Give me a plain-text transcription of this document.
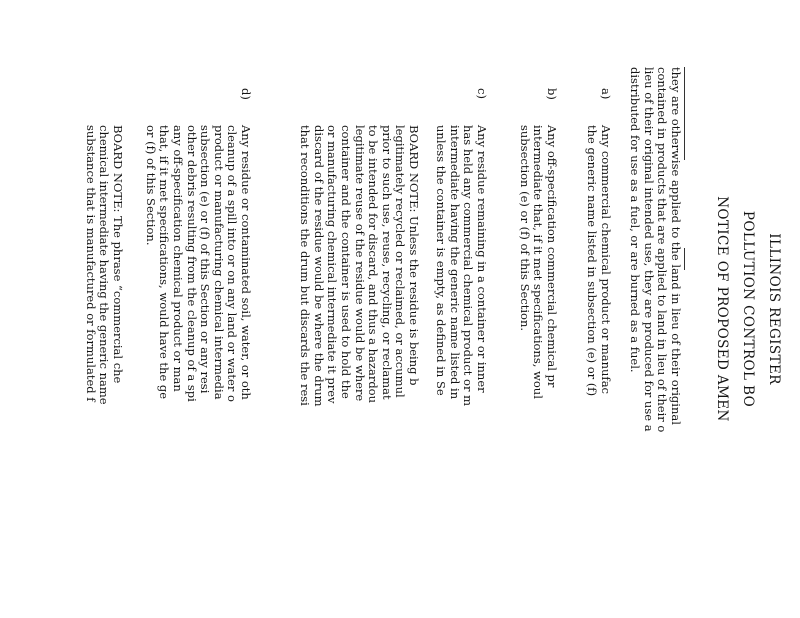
ILLINOIS REGISTER
POLLUTION CONTROL BO
NOTICE OF PROPOSED AMEN

they are otherwise applied to the land in lieu of their original

contained in products that are applied to land in lieu of their o

lieu of their original intended use, they are produced for use a

distributed for use as a fuel, or are burned as a fuel.

a)

Any commercial chemical product or manufac

the generic name listed in subsection (e) or (f)

b)

Any off-specification commercial chemical pr

intermediate that, if it met specifications, woul

subsection (e) or (f) of this Section.

c)

Any residue remaining in a container or inner

has held any commercial chemical product or m

intermediate having the generic name listed in

unless the container is empty, as defined in Se

BOARD NOTE: Unless the residue is being b

legitimately recycled or reclaimed, or accumul

prior to such use, reuse, recycling, or reclamat

to be intended for discard, and thus a hazardou

legitimate reuse of the residue would be where

container and the container is used to hold the

or manufacturing chemical intermediate it prev

discard of the residue would be where the drum

that reconditions the drum but discards the resi

d)

Any residue or contaminated soil, water, or oth

cleanup of a spill into or on any land or water o

product or manufacturing chemical intermedia

subsection (e) or (f) of this Section or any resi

other debris resulting from the cleanup of a spi

any off-specification chemical product or man

that, if it met specifications, would have the ge

or (f) of this Section.

BOARD NOTE: The phrase “commercial che

chemical intermediate having the generic name

substance that is manufactured or formulated f
